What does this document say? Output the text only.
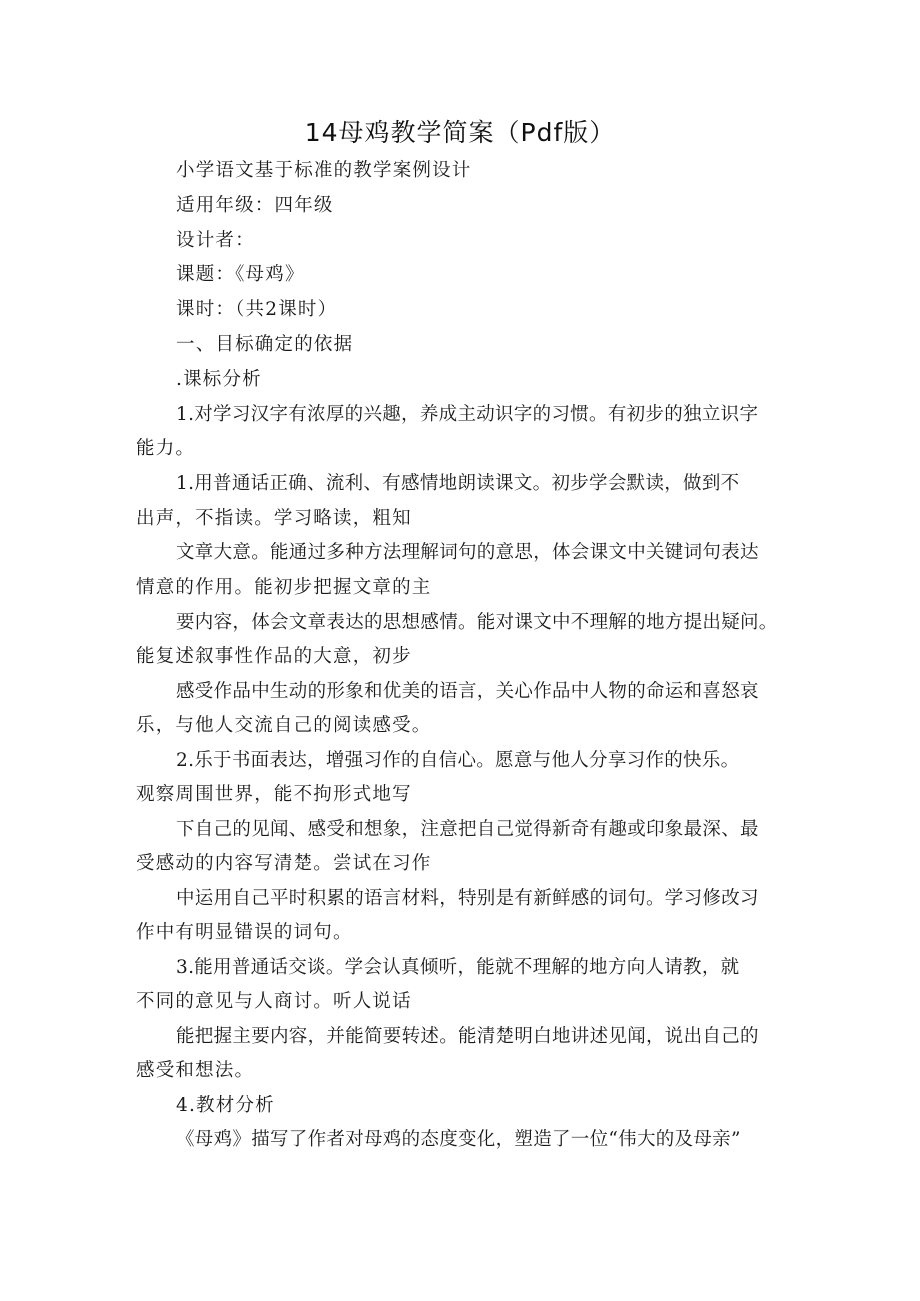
14母鸡教学简案（Pdf版）
小学语文基于标准的教学案例设计
适用年级：四年级
设计者：
课题：《母鸡》
课时：（共2课时）
一、目标确定的依据
.课标分析
1.对学习汉字有浓厚的兴趣，养成主动识字的习惯。有初步的独立识字
能力。
1.用普通话正确、流利、有感情地朗读课文。初步学会默读，做到不
出声，不指读。学习略读，粗知
文章大意。能通过多种方法理解词句的意思，体会课文中关键词句表达
情意的作用。能初步把握文章的主
要内容，体会文章表达的思想感情。能对课文中不理解的地方提出疑问。
能复述叙事性作品的大意，初步
感受作品中生动的形象和优美的语言，关心作品中人物的命运和喜怒哀
乐，与他人交流自己的阅读感受。
2.乐于书面表达，增强习作的自信心。愿意与他人分享习作的快乐。
观察周围世界，能不拘形式地写
下自己的见闻、感受和想象，注意把自己觉得新奇有趣或印象最深、最
受感动的内容写清楚。尝试在习作
中运用自己平时积累的语言材料，特别是有新鲜感的词句。学习修改习
作中有明显错误的词句。
3.能用普通话交谈。学会认真倾听，能就不理解的地方向人请教，就
不同的意见与人商讨。听人说话
能把握主要内容，并能简要转述。能清楚明白地讲述见闻，说出自己的
感受和想法。
4.教材分析
《母鸡》描写了作者对母鸡的态度变化，塑造了一位“伟大的及母亲”
